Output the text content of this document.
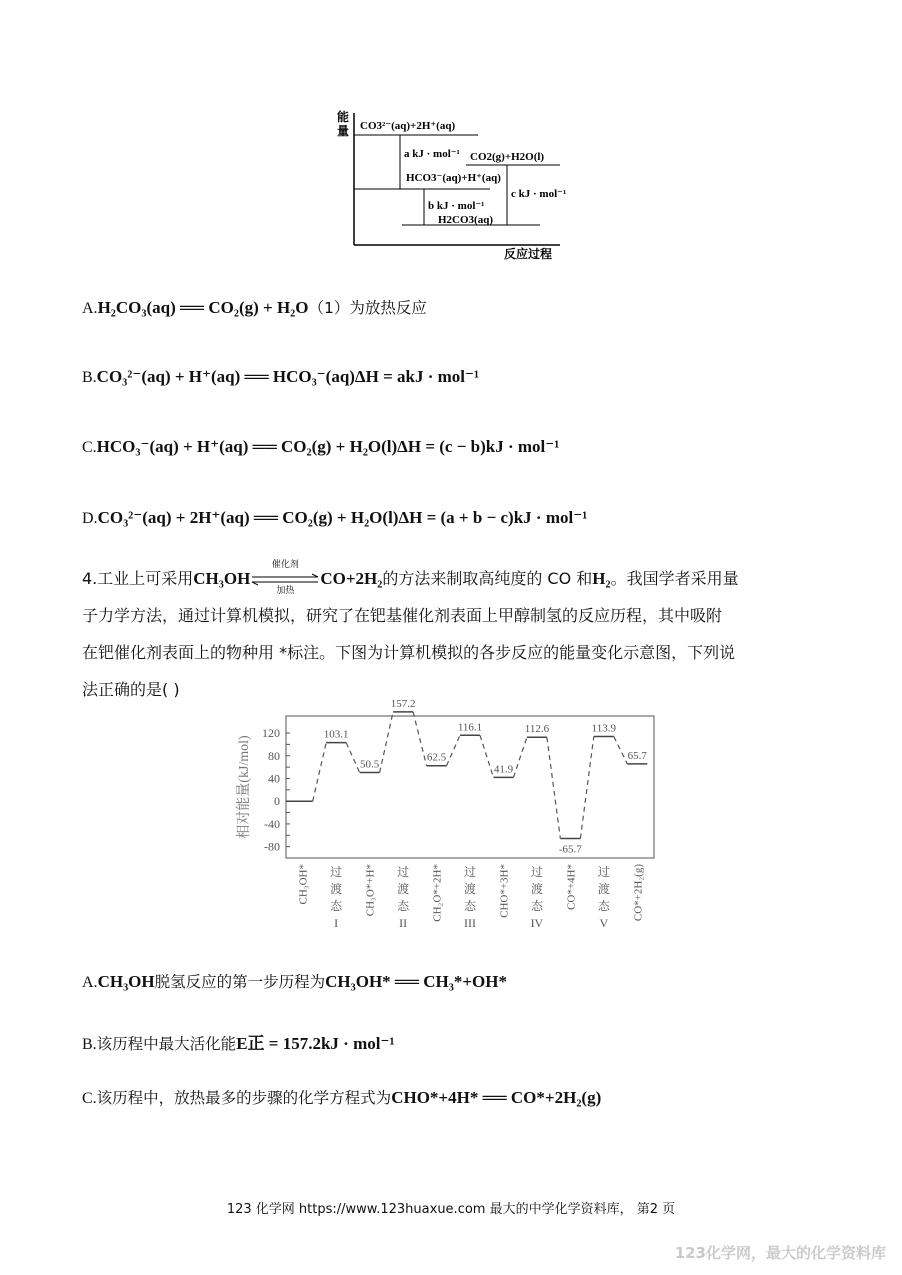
能
量 CO3²⁻(aq)+2H⁺(aq)
HCO3⁻(aq)+H⁺(aq)
CO2(g)+H2O(l)
H2CO3(aq)
a kJ · mol⁻¹
b kJ · mol⁻¹
c kJ · mol⁻¹
反应过程
A.H₂CO₃(aq) ══ CO₂(g) + H₂O（1）为放热反应
B.CO₃²⁻(aq) + H⁺(aq) ══ HCO₃⁻(aq)ΔH = akJ · mol⁻¹
C.HCO₃⁻(aq) + H⁺(aq) ══ CO₂(g) + H₂O(l)ΔH = (c − b)kJ · mol⁻¹
D.CO₃²⁻(aq) + 2H⁺(aq) ══ CO₂(g) + H₂O(l)ΔH = (a + b − c)kJ · mol⁻¹
4.工业上可采用CH₃OH
催化剂
加热
CO+2H₂的方法来制取高纯度的 CO 和H₂。我国学者采用量
子力学方法，通过计算机模拟，研究了在钯基催化剂表面上甲醇制氢的反应历程，其中吸附
在钯催化剂表面上的物种用 *标注。下图为计算机模拟的各步反应的能量变化示意图，下列说
法正确的是( )
相对能量(kJ/mol)
120
80
40
0
-40
-80
103.1
50.5
157.2
62.5
116.1
41.9
112.6
-65.7
113.9
65.7
CH₃OH* 过
渡
态
I
CH₃O*+H* 过
渡
态
II
CH₂O*+2H* 过
渡
态
III
CHO*+3H* 过
渡
态
IV
CO*+4H* 过
渡
态
V
CO*+2H₂(g)
A.CH₃OH脱氢反应的第一步历程为CH₃OH* ══ CH₃*+OH*
B.该历程中最大活化能E正 = 157.2kJ · mol⁻¹
C.该历程中，放热最多的步骤的化学方程式为CHO*+4H* ══ CO*+2H₂(g)
123 化学网 https://www.123huaxue.com 最大的中学化学资料库， 第2 页
123化学网，最大的化学资料库
